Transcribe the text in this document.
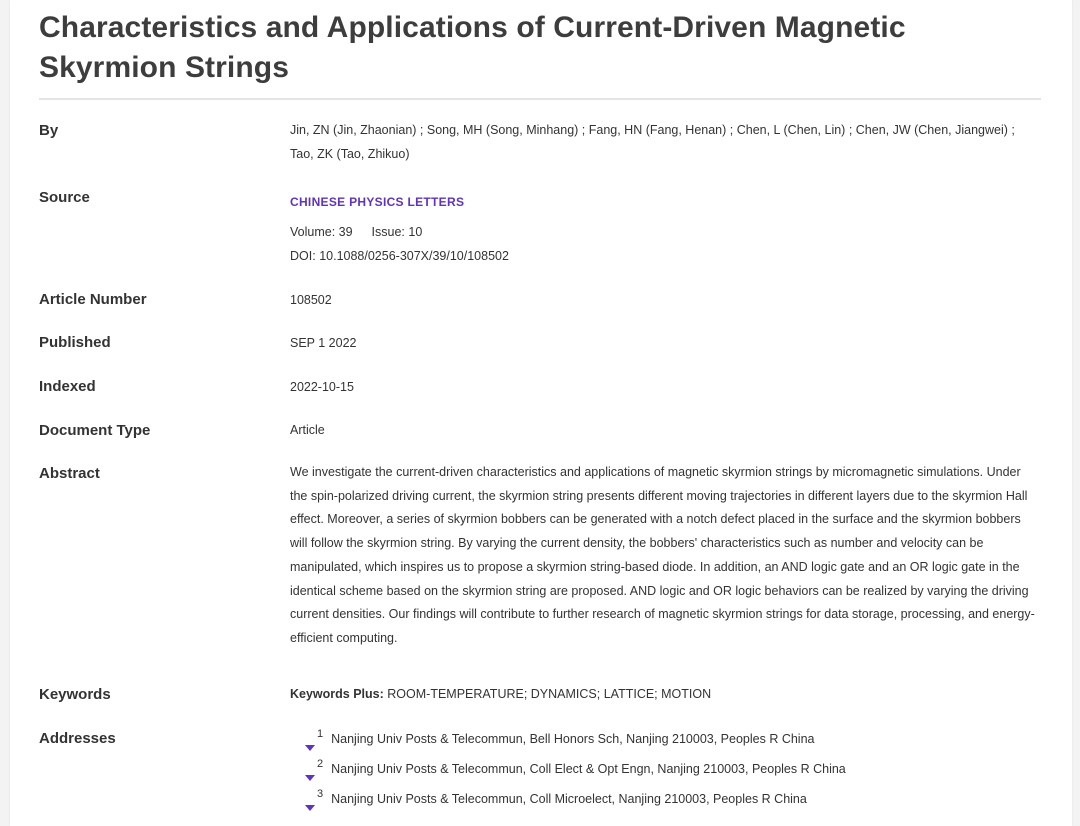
Characteristics and Applications of Current-Driven Magnetic Skyrmion Strings
By	Jin, ZN (Jin, Zhaonian) ; Song, MH (Song, Minhang) ; Fang, HN (Fang, Henan) ; Chen, L (Chen, Lin) ; Chen, JW (Chen, Jiangwei) ; Tao, ZK (Tao, Zhikuo)
Source	CHINESE PHYSICS LETTERS
Volume: 39 Issue: 10
DOI: 10.1088/0256-307X/39/10/108502
Article Number	108502
Published	SEP 1 2022
Indexed	2022-10-15
Document Type	Article
Abstract	We investigate the current-driven characteristics and applications of magnetic skyrmion strings by micromagnetic simulations. Under the spin-polarized driving current, the skyrmion string presents different moving trajectories in different layers due to the skyrmion Hall effect. Moreover, a series of skyrmion bobbers can be generated with a notch defect placed in the surface and the skyrmion bobbers will follow the skyrmion string. By varying the current density, the bobbers' characteristics such as number and velocity can be manipulated, which inspires us to propose a skyrmion string-based diode. In addition, an AND logic gate and an OR logic gate in the identical scheme based on the skyrmion string are proposed. AND logic and OR logic behaviors can be realized by varying the driving current densities. Our findings will contribute to further research of magnetic skyrmion strings for data storage, processing, and energy-efficient computing.
Keywords	Keywords Plus: ROOM-TEMPERATURE; DYNAMICS; LATTICE; MOTION
Addresses	1 Nanjing Univ Posts & Telecommun, Bell Honors Sch, Nanjing 210003, Peoples R China
2 Nanjing Univ Posts & Telecommun, Coll Elect & Opt Engn, Nanjing 210003, Peoples R China
3 Nanjing Univ Posts & Telecommun, Coll Microelect, Nanjing 210003, Peoples R China
